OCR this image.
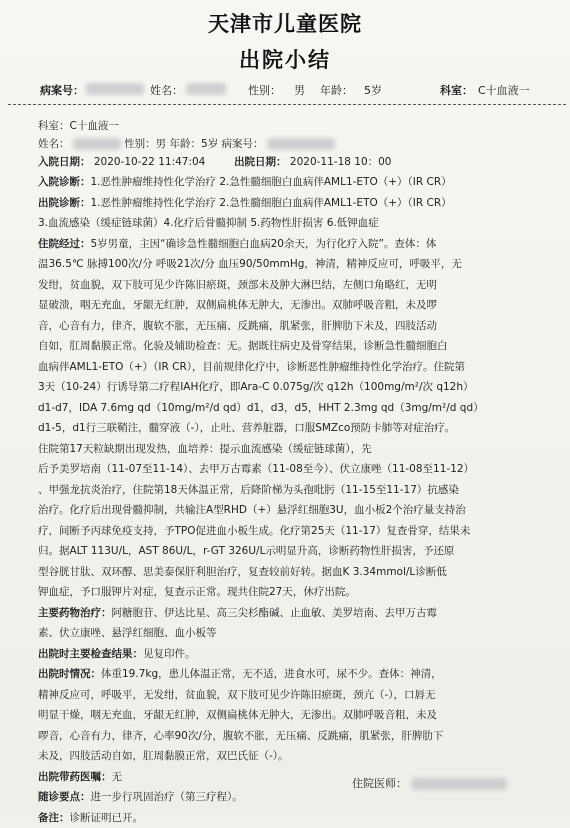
天津市儿童医院
出院小结
病案号：	姓名：	性别： 男 年龄： 5岁	科室： C十血液一
科室：C十血液一
姓名：	性别：男 年龄：5岁 病案号：
入院日期： 2020-10-22 11:47:04	出院日期： 2020-11-18 10：00
入院诊断：1.恶性肿瘤维持性化学治疗 2.急性髓细胞白血病伴AML1-ETO（+）（IR CR）
出院诊断：1.恶性肿瘤维持性化学治疗 2.急性髓细胞白血病伴AML1-ETO（+）（IR CR）
3.血流感染（缓症链球菌）4.化疗后骨髓抑制 5.药物性肝损害 6.低钾血症
住院经过：5岁男童，主因“确诊急性髓细胞白血病20余天，为行化疗入院”。查体：体
温36.5℃ 脉搏100次/分 呼吸21次/分 血压90/50mmHg，神清，精神反应可，呼吸平，无
发绀，贫血貌，双下肢可见少许陈旧瘀斑，颈部未及肿大淋巴结，左侧口角略红，无明
显破溃，咽无充血，牙龈无红肿，双侧扁桃体无肿大，无渗出。双肺呼吸音粗，未及啰
音，心音有力，律齐，腹软不胀，无压痛、反跳痛，肌紧张，肝脾肋下未及，四肢活动
自如，肛周黏膜正常。化验及辅助检查：无。据既往病史及骨穿结果，诊断急性髓细胞白
血病伴AML1-ETO（+）（IR CR），目前规律化疗中，诊断恶性肿瘤维持性化学治疗。住院第
3天（10-24）行诱导第二疗程IAH化疗，即Ara-C 0.075g/次 q12h（100mg/m²/次 q12h）
d1-d7，IDA 7.6mg qd（10mg/m²/d qd）d1，d3，d5，HHT 2.3mg qd（3mg/m²/d qd）
d1-5，d1行三联鞘注，髓穿液（-），止吐、营养脏器，口服SMZco预防卡肺等对症治疗。
住院第17天粒缺期出现发热，血培养：提示血流感染（缓症链球菌），先
后予美罗培南（11-07至11-14）、去甲万古霉素（11-08至今）、伏立康唑（11-08至11-12）
、甲强龙抗炎治疗，住院第18天体温正常，后降阶梯为头孢吡肟（11-15至11-17）抗感染
治疗。化疗后出现骨髓抑制，共输注A型RHD（+）悬浮红细胞3U，血小板2个治疗量支持治
疗，间断予丙球免疫支持，予TPO促进血小板生成。化疗第25天（11-17）复查骨穿，结果未
归。据ALT 113U/L，AST 86U/L，r-GT 326U/L示明显升高，诊断药物性肝损害，予还原
型谷胱甘肽、双环醇、思美泰保肝利胆治疗，复查较前好转。据血K 3.34mmol/L诊断低
钾血症，予口服钾片对症，复查示正常。现共住院27天，休疗出院。
主要药物治疗：阿糖胞苷、伊达比星、高三尖杉酯碱、止血敏、美罗培南、去甲万古霉
素、伏立康唑、悬浮红细胞、血小板等
出院时主要检查结果：见复印件。
出院时情况：体重19.7kg，患儿体温正常，无不适，进食水可，尿不少。查体：神清，
精神反应可，呼吸平，无发绀，贫血貌，双下肢可见少许陈旧瘀斑，颈亢（-），口唇无
明显干燥，咽无充血，牙龈无红肿，双侧扁桃体无肿大，无渗出。双肺呼吸音粗，未及
啰音，心音有力，律齐，心率90次/分，腹软不胀，无压痛、反跳痛，肌紧张，肝脾肋下
未及，四肢活动自如，肛周黏膜正常，双巴氏征（-）。
出院带药医嘱：无
随诊要点：进一步行巩固治疗（第三疗程）。
备注：诊断证明已开。
住院医师：
